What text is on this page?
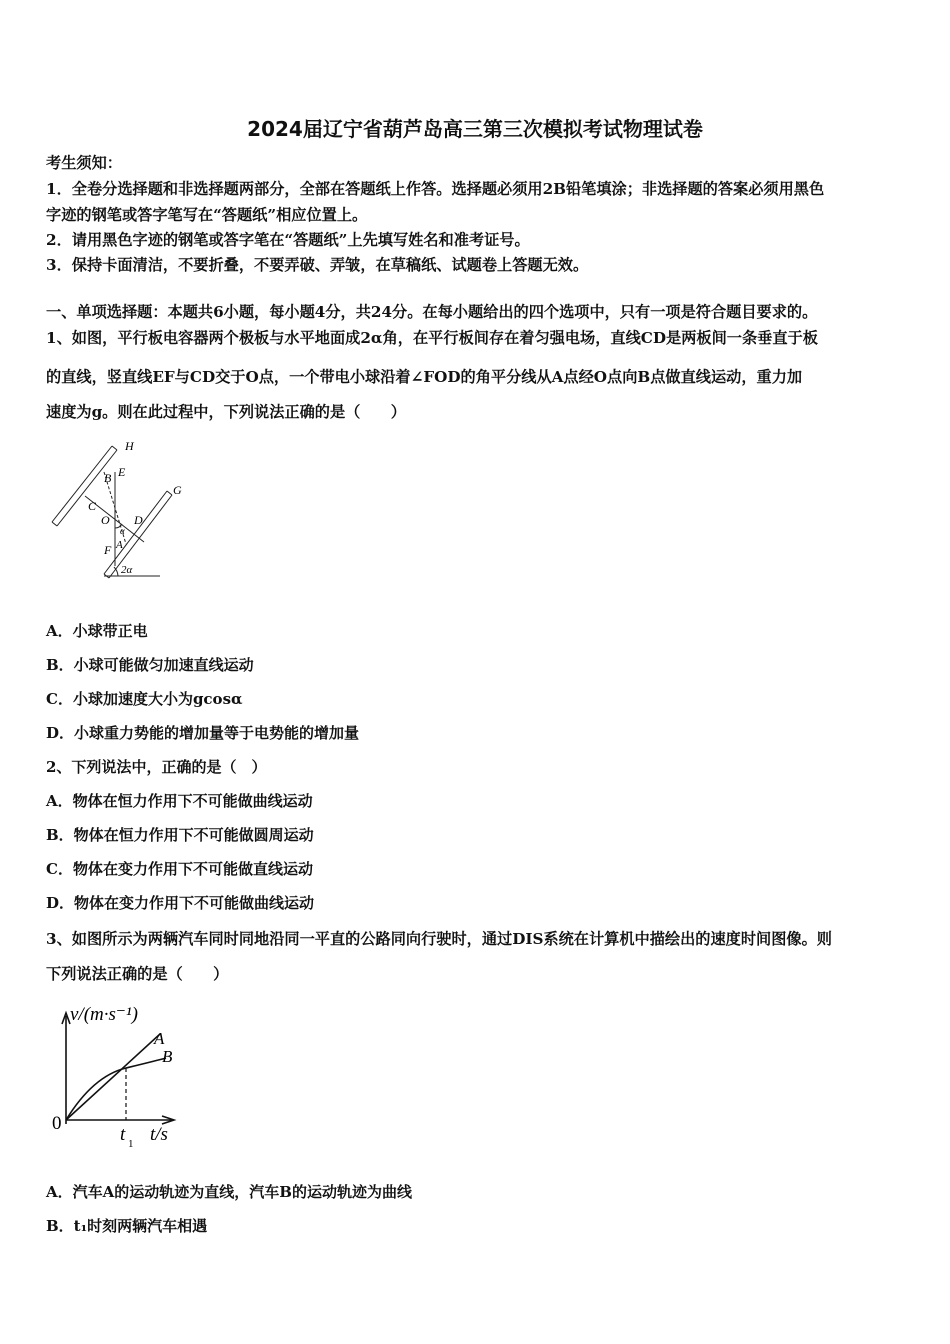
2024届辽宁省葫芦岛高三第三次模拟考试物理试卷
考生须知：
1．全卷分选择题和非选择题两部分，全部在答题纸上作答。选择题必须用2B铅笔填涂；非选择题的答案必须用黑色
字迹的钢笔或答字笔写在“答题纸”相应位置上。
2．请用黑色字迹的钢笔或答字笔在“答题纸”上先填写姓名和准考证号。
3．保持卡面清洁，不要折叠，不要弄破、弄皱，在草稿纸、试题卷上答题无效。
一、单项选择题：本题共6小题，每小题4分，共24分。在每小题给出的四个选项中，只有一项是符合题目要求的。
1、如图，平行板电容器两个极板与水平地面成2α角，在平行板间存在着匀强电场，直线CD是两板间一条垂直于板
的直线，竖直线EF与CD交于O点，一个带电小球沿着∠FOD的角平分线从A点经O点向B点做直线运动，重力加
速度为g。则在此过程中，下列说法正确的是（　　）
H
E
B
C
O D
F A
α
G
2α
A．小球带正电
B．小球可能做匀加速直线运动
C．小球加速度大小为gcosα
D．小球重力势能的增加量等于电势能的增加量
2、下列说法中，正确的是（　）
A．物体在恒力作用下不可能做曲线运动
B．物体在恒力作用下不可能做圆周运动
C．物体在变力作用下不可能做直线运动
D．物体在变力作用下不可能做曲线运动
3、如图所示为两辆汽车同时同地沿同一平直的公路同向行驶时，通过DIS系统在计算机中描绘出的速度时间图像。则
下列说法正确的是（　　）
v/(m·s⁻¹)
0
t 1 t/s
A
B
A．汽车A的运动轨迹为直线，汽车B的运动轨迹为曲线
B．t₁时刻两辆汽车相遇
